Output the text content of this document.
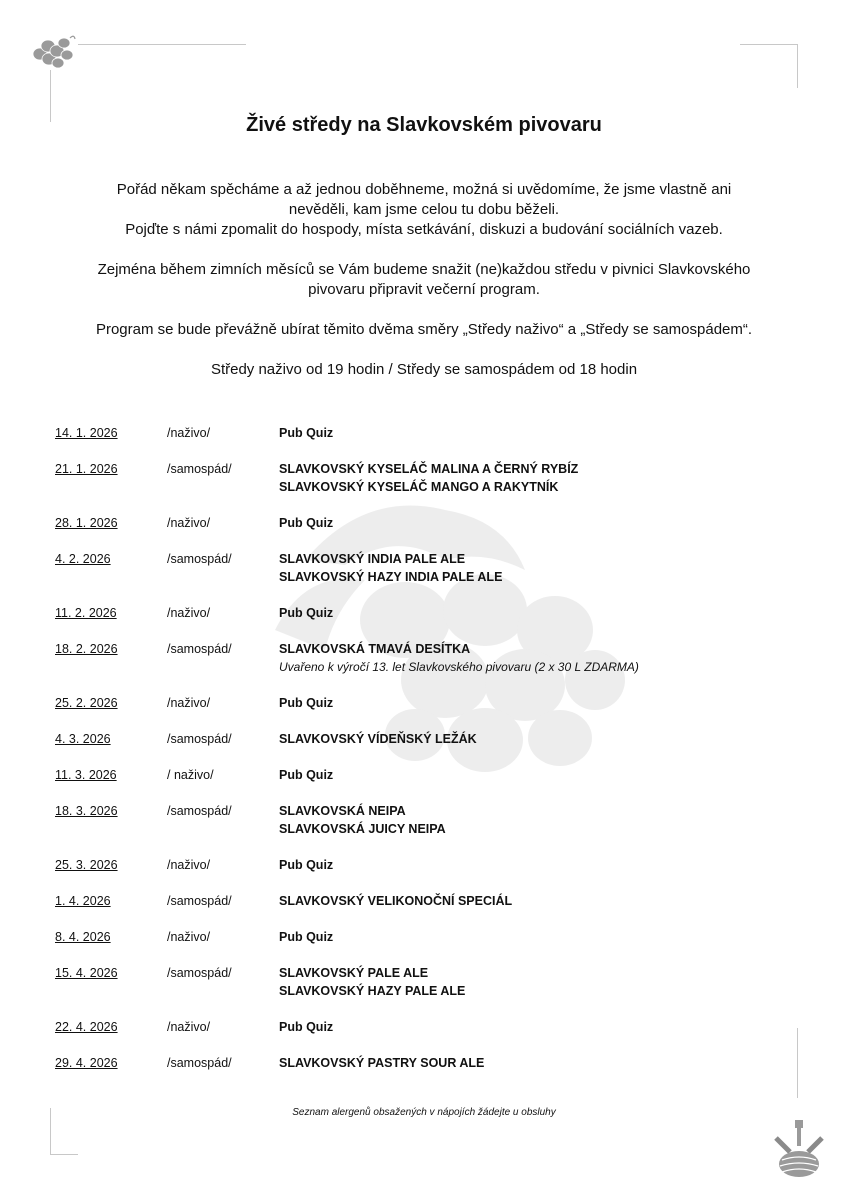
Živé středy na Slavkovském pivovaru

Pořád někam spěcháme a až jednou doběhneme, možná si uvědomíme, že jsme vlastně ani
nevěděli, kam jsme celou tu dobu běželi.
Pojďte s námi zpomalit do hospody, místa setkávání, diskuzi a budování sociálních vazeb.

Zejména během zimních měsíců se Vám budeme snažit (ne)každou středu v pivnici Slavkovského
pivovaru připravit večerní program.

Program se bude převážně ubírat těmito dvěma směry „Středy naživo“ a „Středy se samospádem“.

Středy naživo od 19 hodin / Středy se samospádem od 18 hodin

14. 1. 2026	/naživo/	Pub Quiz
21. 1. 2026	/samospád/	SLAVKOVSKÝ KYSELÁČ MALINA A ČERNÝ RYBÍZ
SLAVKOVSKÝ KYSELÁČ MANGO A RAKYTNÍK
28. 1. 2026	/naživo/	Pub Quiz
4. 2. 2026	/samospád/	SLAVKOVSKÝ INDIA PALE ALE
SLAVKOVSKÝ HAZY INDIA PALE ALE
11. 2. 2026	/naživo/	Pub Quiz
18. 2. 2026	/samospád/	SLAVKOVSKÁ TMAVÁ DESÍTKA
Uvařeno k výročí 13. let Slavkovského pivovaru (2 x 30 L ZDARMA)
25. 2. 2026	/naživo/	Pub Quiz
4. 3. 2026	/samospád/	SLAVKOVSKÝ VÍDEŇSKÝ LEŽÁK
11. 3. 2026	/ naživo/	Pub Quiz
18. 3. 2026	/samospád/	SLAVKOVSKÁ NEIPA
SLAVKOVSKÁ JUICY NEIPA
25. 3. 2026	/naživo/	Pub Quiz
1. 4. 2026	/samospád/	SLAVKOVSKÝ VELIKONOČNÍ SPECIÁL
8. 4. 2026	/naživo/	Pub Quiz
15. 4. 2026	/samospád/	SLAVKOVSKÝ PALE ALE
SLAVKOVSKÝ HAZY PALE ALE
22. 4. 2026	/naživo/	Pub Quiz
29. 4. 2026	/samospád/	SLAVKOVSKÝ PASTRY SOUR ALE
Seznam alergenů obsažených v nápojích žádejte u obsluhy
